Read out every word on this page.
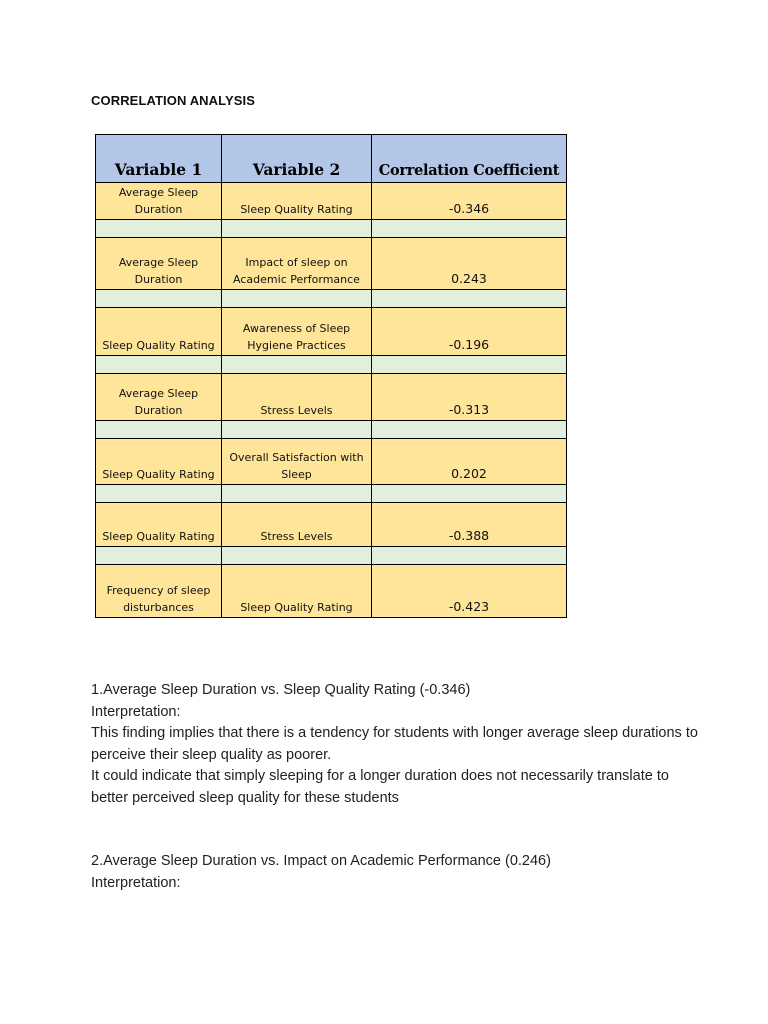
CORRELATION ANALYSIS
Variable 1	Variable 2	Correlation Coefficient
Average Sleep Duration	Sleep Quality Rating	-0.346

Average Sleep Duration	Impact of sleep on Academic Performance	0.243

Sleep Quality Rating	Awareness of Sleep Hygiene Practices	-0.196

Average Sleep Duration	Stress Levels	-0.313

Sleep Quality Rating	Overall Satisfaction with Sleep	0.202

Sleep Quality Rating	Stress Levels	-0.388

Frequency of sleep disturbances	Sleep Quality Rating	-0.423

1.Average Sleep Duration vs. Sleep Quality Rating (-0.346)

Interpretation:

This finding implies that there is a tendency for students with longer average sleep durations to perceive their sleep quality as poorer.

It could indicate that simply sleeping for a longer duration does not necessarily translate to better perceived sleep quality for these students

2.Average Sleep Duration vs. Impact on Academic Performance (0.246)

Interpretation:
